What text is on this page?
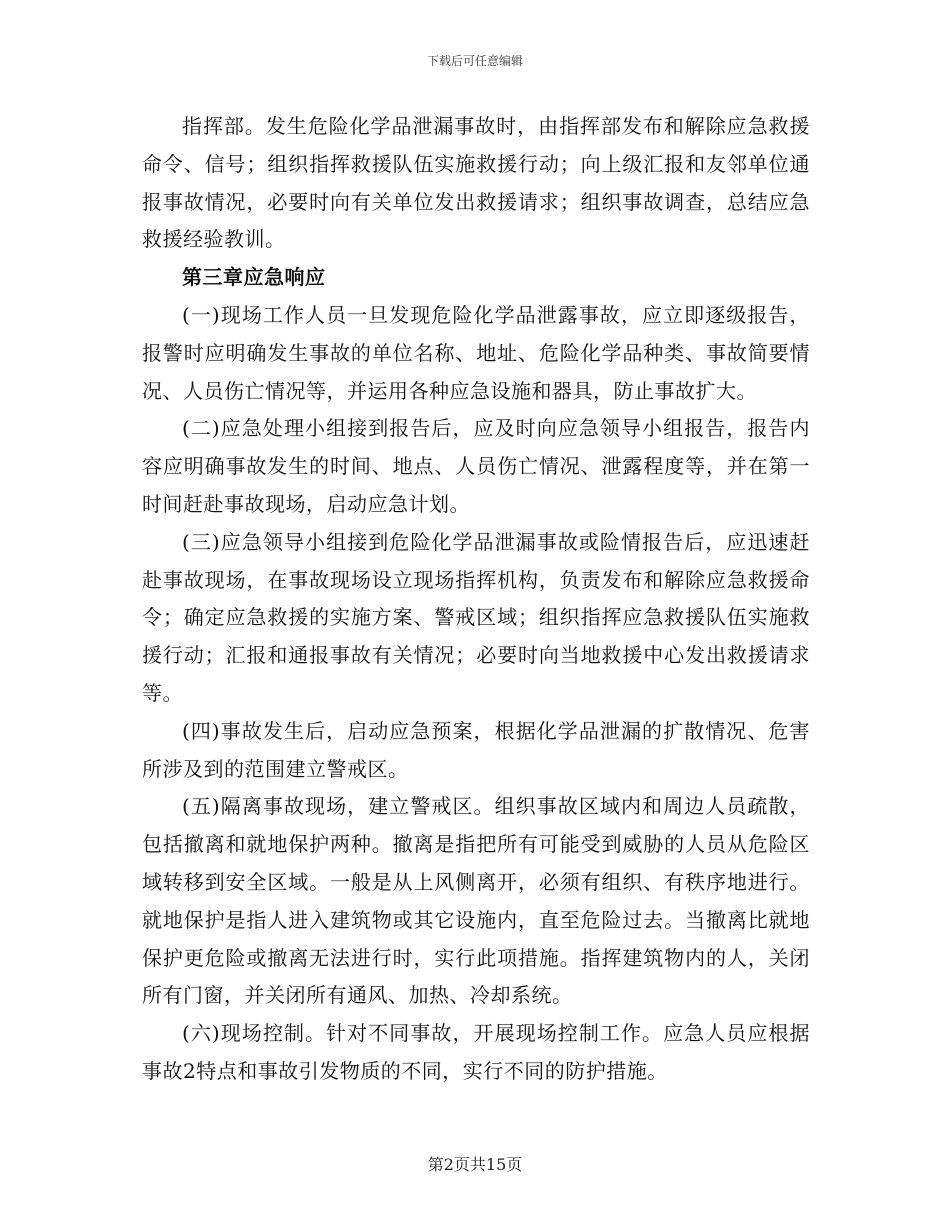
下载后可任意编辑

指挥部。发生危险化学品泄漏事故时，由指挥部发布和解除应急救援命令、信号；组织指挥救援队伍实施救援行动；向上级汇报和友邻单位通报事故情况，必要时向有关单位发出救援请求；组织事故调查，总结应急救援经验教训。

第三章应急响应

(一)现场工作人员一旦发现危险化学品泄露事故，应立即逐级报告，报警时应明确发生事故的单位名称、地址、危险化学品种类、事故简要情况、人员伤亡情况等，并运用各种应急设施和器具，防止事故扩大。

(二)应急处理小组接到报告后，应及时向应急领导小组报告，报告内容应明确事故发生的时间、地点、人员伤亡情况、泄露程度等，并在第一时间赶赴事故现场，启动应急计划。

(三)应急领导小组接到危险化学品泄漏事故或险情报告后，应迅速赶赴事故现场，在事故现场设立现场指挥机构，负责发布和解除应急救援命令；确定应急救援的实施方案、警戒区域；组织指挥应急救援队伍实施救援行动；汇报和通报事故有关情况；必要时向当地救援中心发出救援请求等。

(四)事故发生后，启动应急预案，根据化学品泄漏的扩散情况、危害所涉及到的范围建立警戒区。

(五)隔离事故现场，建立警戒区。组织事故区域内和周边人员疏散，包括撤离和就地保护两种。撤离是指把所有可能受到威胁的人员从危险区域转移到安全区域。一般是从上风侧离开，必须有组织、有秩序地进行。就地保护是指人进入建筑物或其它设施内，直至危险过去。当撤离比就地保护更危险或撤离无法进行时，实行此项措施。指挥建筑物内的人，关闭所有门窗，并关闭所有通风、加热、冷却系统。

(六)现场控制。针对不同事故，开展现场控制工作。应急人员应根据事故2特点和事故引发物质的不同，实行不同的防护措施。

第2页共15页
